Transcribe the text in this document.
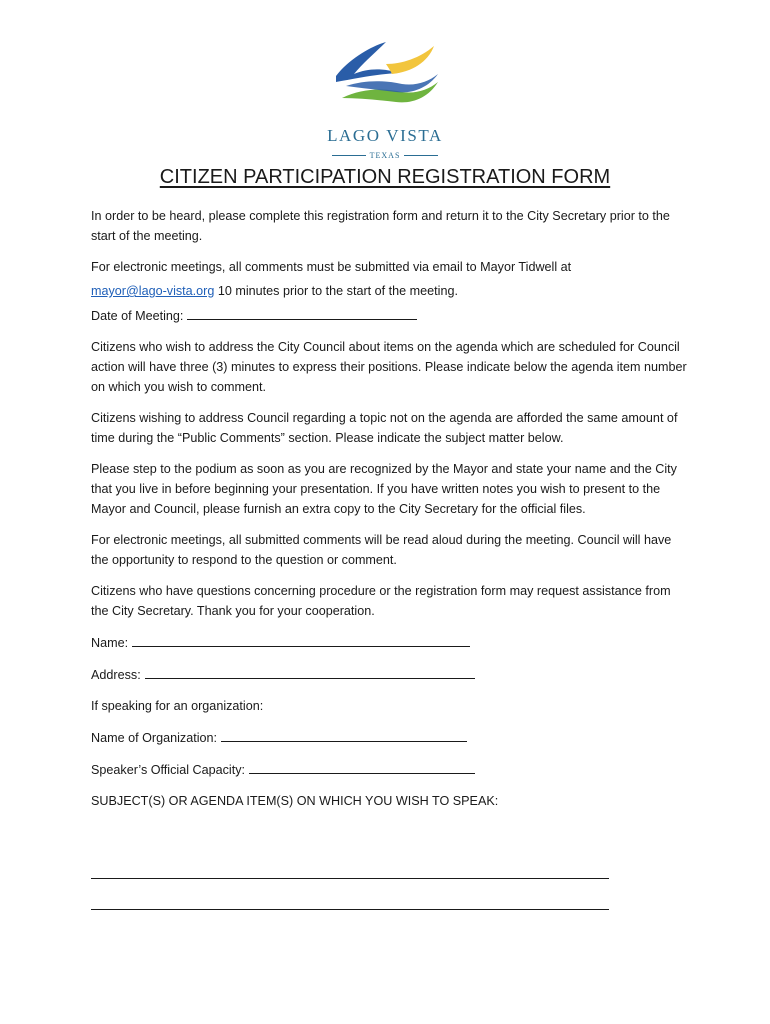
LAGO VISTA
TEXAS
CITIZEN PARTICIPATION REGISTRATION FORM

In order to be heard, please complete this registration form and return it to the City Secretary prior to the start of the meeting.

For electronic meetings, all comments must be submitted via email to Mayor Tidwell at

mayor@lago-vista.org 10 minutes prior to the start of the meeting.

Date of Meeting:

Citizens who wish to address the City Council about items on the agenda which are scheduled for Council action will have three (3) minutes to express their positions. Please indicate below the agenda item number on which you wish to comment.

Citizens wishing to address Council regarding a topic not on the agenda are afforded the same amount of time during the “Public Comments” section. Please indicate the subject matter below.

Please step to the podium as soon as you are recognized by the Mayor and state your name and the City that you live in before beginning your presentation. If you have written notes you wish to present to the Mayor and Council, please furnish an extra copy to the City Secretary for the official files.

For electronic meetings, all submitted comments will be read aloud during the meeting. Council will have the opportunity to respond to the question or comment.

Citizens who have questions concerning procedure or the registration form may request assistance from the City Secretary. Thank you for your cooperation.

Name:

Address:

If speaking for an organization:

Name of Organization:

Speaker’s Official Capacity:

SUBJECT(S) OR AGENDA ITEM(S) ON WHICH YOU WISH TO SPEAK:
